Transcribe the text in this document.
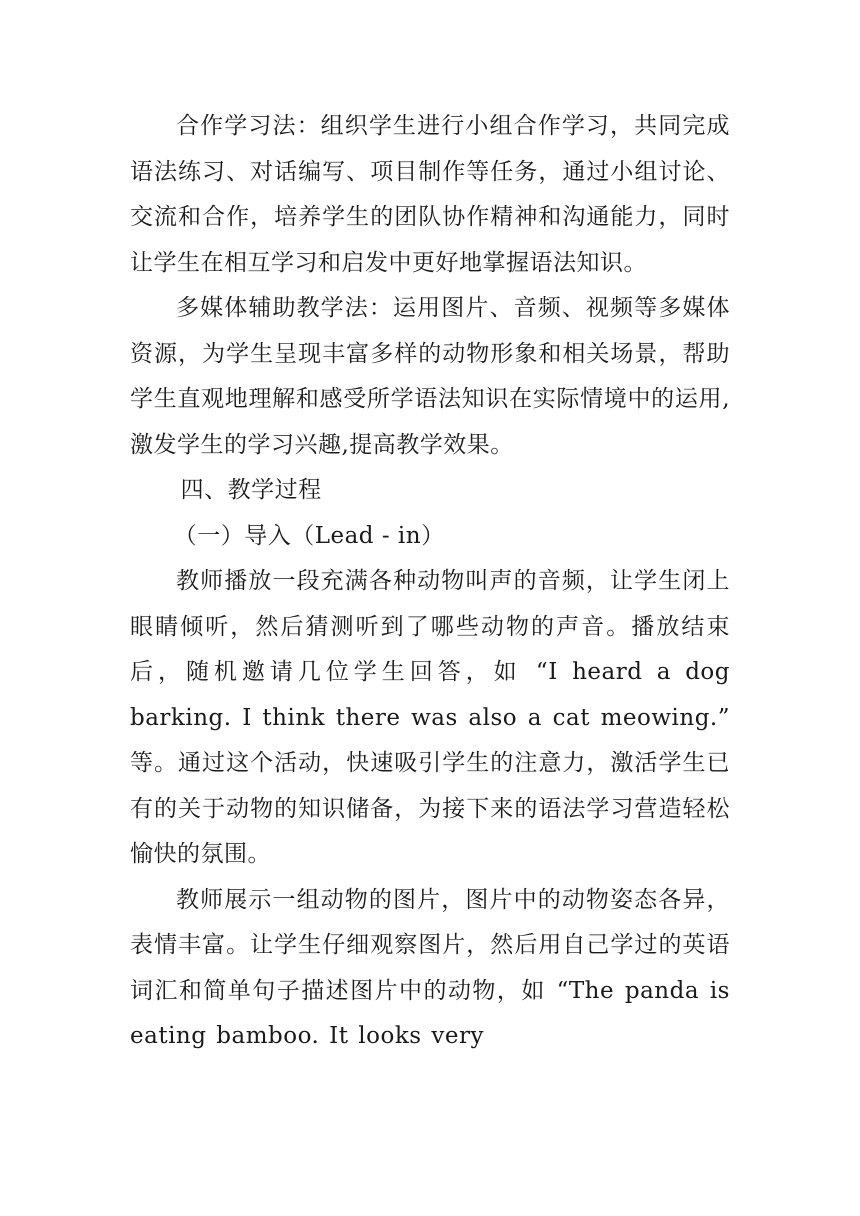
合作学习法：组织学生进行小组合作学习，共同完成语法练习、对话编写、项目制作等任务，通过小组讨论、交流和合作，培养学生的团队协作精神和沟通能力，同时让学生在相互学习和启发中更好地掌握语法知识。

多媒体辅助教学法：运用图片、音频、视频等多媒体资源，为学生呈现丰富多样的动物形象和相关场景，帮助学生直观地理解和感受所学语法知识在实际情境中的运用,激发学生的学习兴趣,提高教学效果。

四、教学过程

（一）导入（Lead - in）

教师播放一段充满各种动物叫声的音频，让学生闭上眼睛倾听，然后猜测听到了哪些动物的声音。播放结束后，随机邀请几位学生回答，如 “I heard a dog barking. I think there was also a cat meowing.” 等。通过这个活动，快速吸引学生的注意力，激活学生已有的关于动物的知识储备，为接下来的语法学习营造轻松愉快的氛围。

教师展示一组动物的图片，图片中的动物姿态各异，表情丰富。让学生仔细观察图片，然后用自己学过的英语词汇和简单句子描述图片中的动物，如 “The panda is eating bamboo. It looks very
